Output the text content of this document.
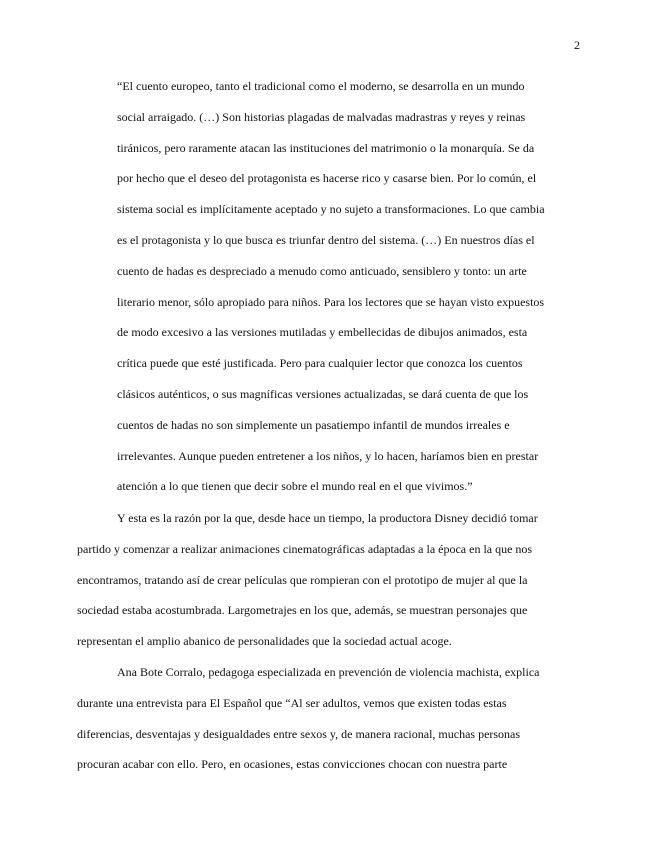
2
“El cuento europeo, tanto el tradicional como el moderno, se desarrolla en un mundo
social arraigado. (…) Son historias plagadas de malvadas madrastras y reyes y reinas
tiránicos, pero raramente atacan las instituciones del matrimonio o la monarquía. Se da
por hecho que el deseo del protagonista es hacerse rico y casarse bien. Por lo común, el
sistema social es implícitamente aceptado y no sujeto a transformaciones. Lo que cambia
es el protagonista y lo que busca es triunfar dentro del sistema. (…) En nuestros días el
cuento de hadas es despreciado a menudo como anticuado, sensiblero y tonto: un arte
literario menor, sólo apropiado para niños. Para los lectores que se hayan visto expuestos
de modo excesivo a las versiones mutiladas y embellecidas de dibujos animados, esta
crítica puede que esté justificada. Pero para cualquier lector que conozca los cuentos
clásicos auténticos, o sus magníficas versiones actualizadas, se dará cuenta de que los
cuentos de hadas no son simplemente un pasatiempo infantil de mundos irreales e
irrelevantes. Aunque pueden entretener a los niños, y lo hacen, haríamos bien en prestar
atención a lo que tienen que decir sobre el mundo real en el que vivimos.”
Y esta es la razón por la que, desde hace un tiempo, la productora Disney decidió tomar
partido y comenzar a realizar animaciones cinematográficas adaptadas a la época en la que nos
encontramos, tratando así de crear películas que rompieran con el prototipo de mujer al que la
sociedad estaba acostumbrada. Largometrajes en los que, además, se muestran personajes que
representan el amplio abanico de personalidades que la sociedad actual acoge.
Ana Bote Corralo, pedagoga especializada en prevención de violencia machista, explica
durante una entrevista para El Español que “Al ser adultos, vemos que existen todas estas
diferencias, desventajas y desigualdades entre sexos y, de manera racional, muchas personas
procuran acabar con ello. Pero, en ocasiones, estas convicciones chocan con nuestra parte
